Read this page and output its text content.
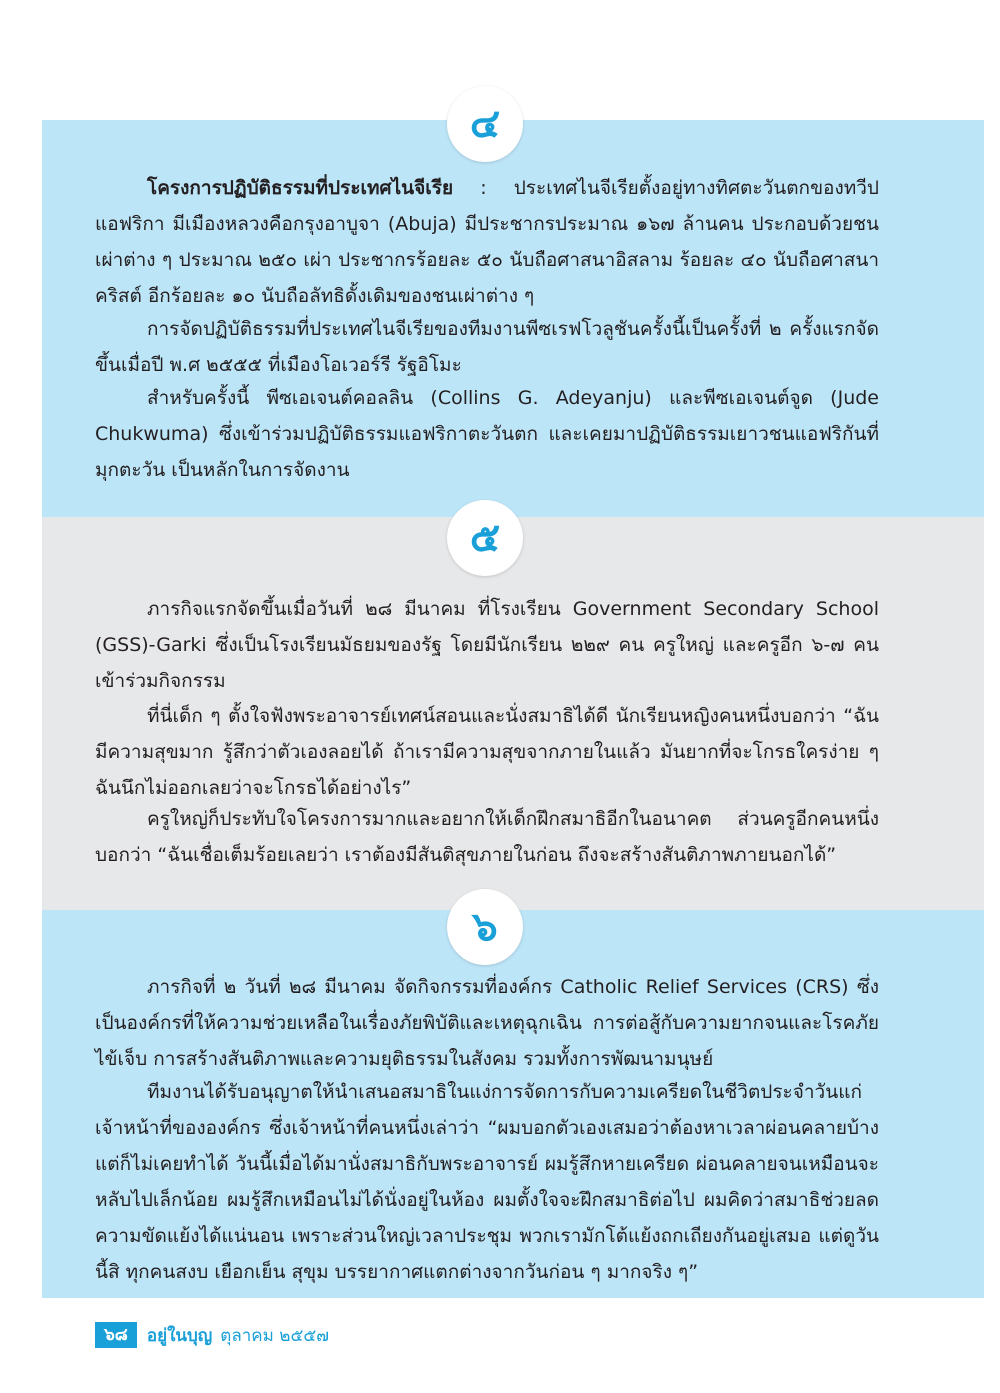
๔
๕
๖

โครงการปฏิบัติธรรมที่ประเทศไนจีเรีย : ประเทศไนจีเรียตั้งอยู่ทางทิศตะวันตกของทวีปแอฟริกา มีเมืองหลวงคือกรุงอาบูจา (Abuja) มีประชากรประมาณ ๑๖๗ ล้านคน ประกอบด้วยชนเผ่าต่าง ๆ ประมาณ ๒๕๐ เผ่า ประชากรร้อยละ ๕๐ นับถือศาสนาอิสลาม ร้อยละ ๔๐ นับถือศาสนาคริสต์ อีกร้อยละ ๑๐ นับถือลัทธิดั้งเดิมของชนเผ่าต่าง ๆ

การจัดปฏิบัติธรรมที่ประเทศไนจีเรียของทีมงานพีซเรฟโวลูชันครั้งนี้เป็นครั้งที่ ๒ ครั้งแรกจัดขึ้นเมื่อปี พ.ศ ๒๕๕๕ ที่เมืองโอเวอร์รี รัฐอิโมะ

สำหรับครั้งนี้ พีซเอเจนต์คอลลิน (Collins G. Adeyanju) และพีซเอเจนต์จูด (Jude Chukwuma) ซึ่งเข้าร่วมปฏิบัติธรรมแอฟริกาตะวันตก และเคยมาปฏิบัติธรรมเยาวชนแอฟริกันที่มุกตะวัน เป็นหลักในการจัดงาน

ภารกิจแรกจัดขึ้นเมื่อวันที่ ๒๘ มีนาคม ที่โรงเรียน Government Secondary School (GSS)-Garki ซึ่งเป็นโรงเรียนมัธยมของรัฐ โดยมีนักเรียน ๒๒๙ คน ครูใหญ่ และครูอีก ๖-๗ คน เข้าร่วมกิจกรรม

ที่นี่เด็ก ๆ ตั้งใจฟังพระอาจารย์เทศน์สอนและนั่งสมาธิได้ดี นักเรียนหญิงคนหนึ่งบอกว่า “ฉันมีความสุขมาก รู้สึกว่าตัวเองลอยได้ ถ้าเรามีความสุขจากภายในแล้ว มันยากที่จะโกรธใครง่าย ๆ ฉันนึกไม่ออกเลยว่าจะโกรธได้อย่างไร”

ครูใหญ่ก็ประทับใจโครงการมากและอยากให้เด็กฝึกสมาธิอีกในอนาคต ส่วนครูอีกคนหนึ่งบอกว่า “ฉันเชื่อเต็มร้อยเลยว่า เราต้องมีสันติสุขภายในก่อน ถึงจะสร้างสันติภาพภายนอกได้”

ภารกิจที่ ๒ วันที่ ๒๘ มีนาคม จัดกิจกรรมที่องค์กร Catholic Relief Services (CRS) ซึ่งเป็นองค์กรที่ให้ความช่วยเหลือในเรื่องภัยพิบัติและเหตุฉุกเฉิน การต่อสู้กับความยากจนและโรคภัยไข้เจ็บ การสร้างสันติภาพและความยุติธรรมในสังคม รวมทั้งการพัฒนามนุษย์

ทีมงานได้รับอนุญาตให้นำเสนอสมาธิในแง่การจัดการกับความเครียดในชีวิตประจำวันแก่เจ้าหน้าที่ขององค์กร ซึ่งเจ้าหน้าที่คนหนึ่งเล่าว่า “ผมบอกตัวเองเสมอว่าต้องหาเวลาผ่อนคลายบ้าง แต่ก็ไม่เคยทำได้ วันนี้เมื่อได้มานั่งสมาธิกับพระอาจารย์ ผมรู้สึกหายเครียด ผ่อนคลายจนเหมือนจะหลับไปเล็กน้อย ผมรู้สึกเหมือนไม่ได้นั่งอยู่ในห้อง ผมตั้งใจจะฝึกสมาธิต่อไป ผมคิดว่าสมาธิช่วยลดความขัดแย้งได้แน่นอน เพราะส่วนใหญ่เวลาประชุม พวกเรามักโต้แย้งถกเถียงกันอยู่เสมอ แต่ดูวันนี้สิ ทุกคนสงบ เยือกเย็น สุขุม บรรยากาศแตกต่างจากวันก่อน ๆ มากจริง ๆ”

๖๘	อยู่ในบุญ ตุลาคม ๒๕๕๗
